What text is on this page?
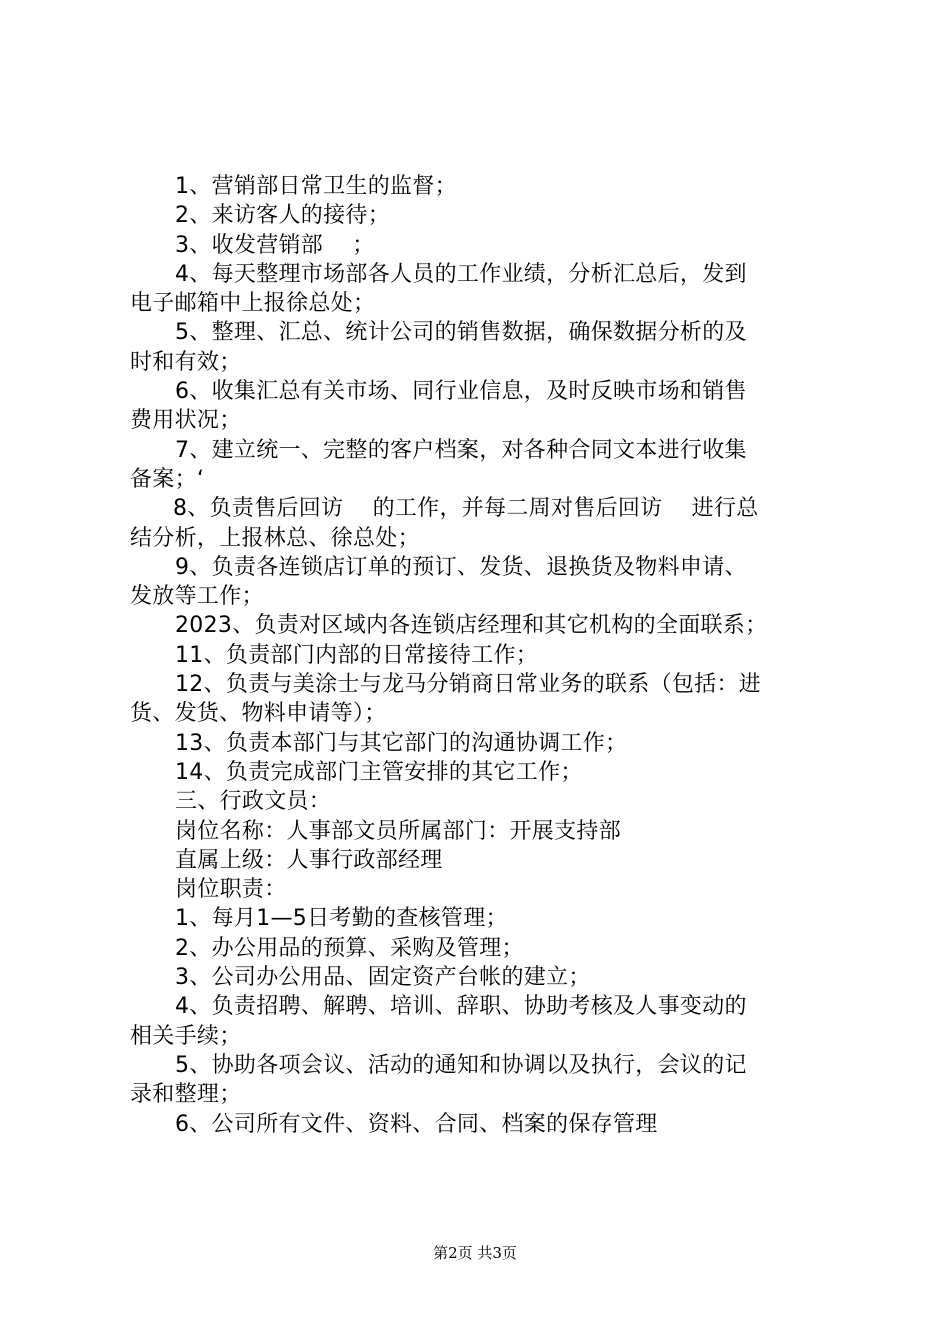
1、营销部日常卫生的监督；
2、来访客人的接待；
3、收发营销部    ；
4、每天整理市场部各人员的工作业绩，分析汇总后，发到
电子邮箱中上报徐总处；
5、整理、汇总、统计公司的销售数据，确保数据分析的及
时和有效；
6、收集汇总有关市场、同行业信息，及时反映市场和销售
费用状况；
7、建立统一、完整的客户档案，对各种合同文本进行收集
备案；‘
8、负责售后回访    的工作，并每二周对售后回访    进行总
结分析，上报林总、徐总处；
9、负责各连锁店订单的预订、发货、退换货及物料申请、
发放等工作；
2023、负责对区域内各连锁店经理和其它机构的全面联系；
11、负责部门内部的日常接待工作；
12、负责与美涂士与龙马分销商日常业务的联系（包括：进
货、发货、物料申请等）；
13、负责本部门与其它部门的沟通协调工作；
14、负责完成部门主管安排的其它工作；
三、行政文员：
岗位名称：人事部文员所属部门：开展支持部
直属上级：人事行政部经理
岗位职责：
1、每月1—5日考勤的查核管理；
2、办公用品的预算、采购及管理；
3、公司办公用品、固定资产台帐的建立；
4、负责招聘、解聘、培训、辞职、协助考核及人事变动的
相关手续；
5、协助各项会议、活动的通知和协调以及执行，会议的记
录和整理；
6、公司所有文件、资料、合同、档案的保存管理
第2页 共3页
